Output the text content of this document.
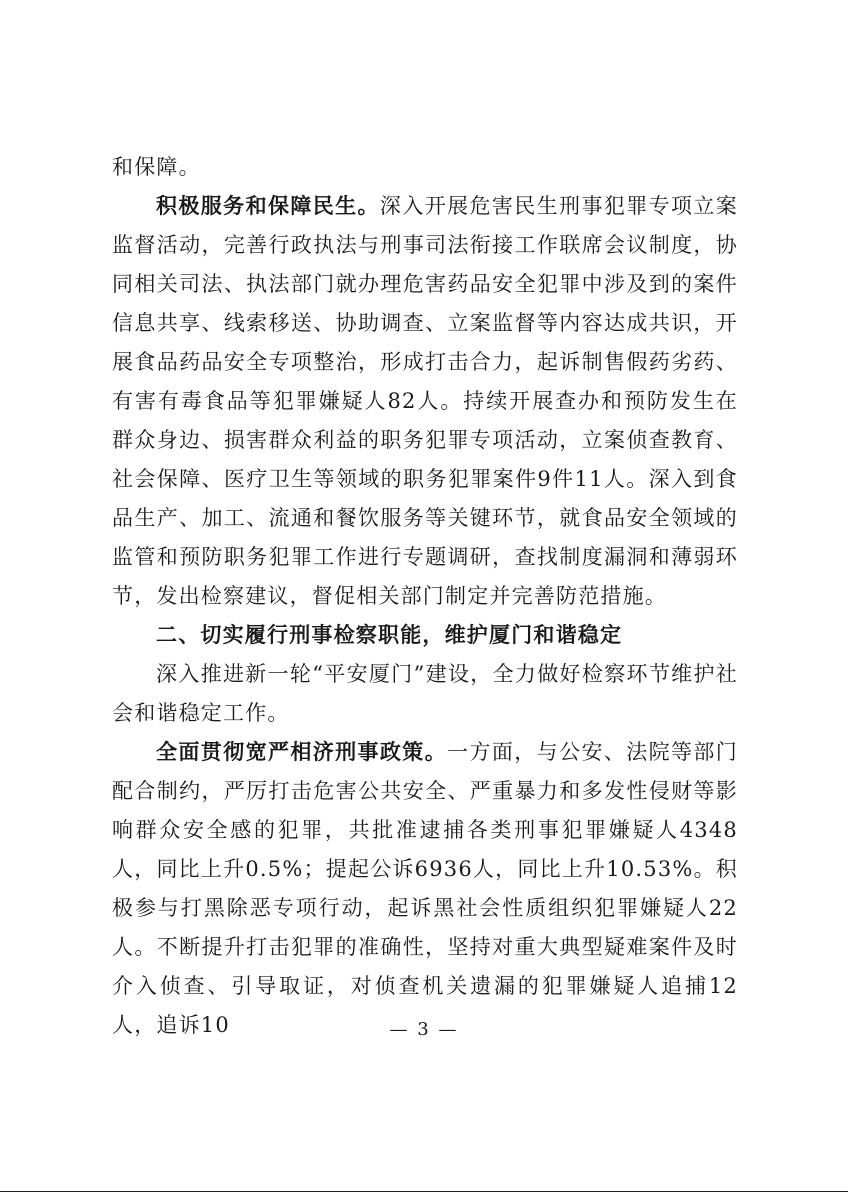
和保障。

积极服务和保障民生。深入开展危害民生刑事犯罪专项立案监督活动，完善行政执法与刑事司法衔接工作联席会议制度，协同相关司法、执法部门就办理危害药品安全犯罪中涉及到的案件信息共享、线索移送、协助调查、立案监督等内容达成共识，开展食品药品安全专项整治，形成打击合力，起诉制售假药劣药、有害有毒食品等犯罪嫌疑人82人。持续开展查办和预防发生在群众身边、损害群众利益的职务犯罪专项活动，立案侦查教育、社会保障、医疗卫生等领域的职务犯罪案件9件11人。深入到食品生产、加工、流通和餐饮服务等关键环节，就食品安全领域的监管和预防职务犯罪工作进行专题调研，查找制度漏洞和薄弱环节，发出检察建议，督促相关部门制定并完善防范措施。

二、切实履行刑事检察职能，维护厦门和谐稳定

深入推进新一轮“平安厦门”建设，全力做好检察环节维护社会和谐稳定工作。

全面贯彻宽严相济刑事政策。一方面，与公安、法院等部门配合制约，严厉打击危害公共安全、严重暴力和多发性侵财等影响群众安全感的犯罪，共批准逮捕各类刑事犯罪嫌疑人4348人，同比上升0.5%；提起公诉6936人，同比上升10.53%。积极参与打黑除恶专项行动，起诉黑社会性质组织犯罪嫌疑人22人。不断提升打击犯罪的准确性，坚持对重大典型疑难案件及时介入侦查、引导取证，对侦查机关遗漏的犯罪嫌疑人追捕12人，追诉10	— 3 —
